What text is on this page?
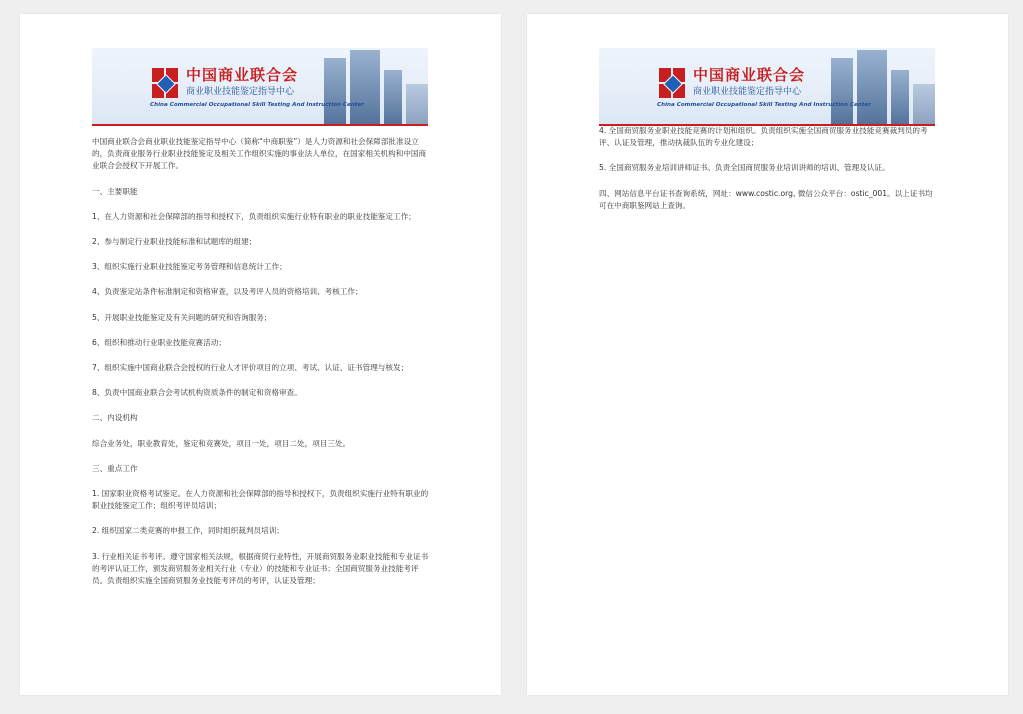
中国商业联合会
商业职业技能鉴定指导中心
China Commercial Occupational Skill Testing And Instruction Center

中国商业联合会商业职业技能鉴定指导中心（简称“中商职鉴”）是人力资源和社会保障部批准设立的，负责商业服务行业职业技能鉴定及相关工作组织实施的事业法人单位，在国家相关机构和中国商业联合会授权下开展工作。

一、主要职能

1、在人力资源和社会保障部的指导和授权下，负责组织实施行业特有职业的职业技能鉴定工作；

2、参与制定行业职业技能标准和试题库的组建；

3、组织实施行业职业技能鉴定考务管理和信息统计工作；

4、负责鉴定站条件标准制定和资格审查，以及考评人员的资格培训、考核工作；

5、开展职业技能鉴定及有关问题的研究和咨询服务；

6、组织和推动行业职业技能竞赛活动；

7、组织实施中国商业联合会授权的行业人才评价项目的立项、考试、认证、证书管理与核发；

8、负责中国商业联合会考试机构资质条件的制定和资格审查。

二、内设机构

综合业务处，职业教育处，鉴定和竞赛处，项目一处，项目二处，项目三处。

三、重点工作

1. 国家职业资格考试鉴定。在人力资源和社会保障部的指导和授权下，负责组织实施行业特有职业的职业技能鉴定工作；组织考评员培训；

2. 组织国家二类竞赛的申报工作，同时组织裁判员培训；

3. 行业相关证书考评。遵守国家相关法规，根据商贸行业特性，开展商贸服务业职业技能和专业证书的考评认证工作，颁发商贸服务业相关行业（专业）的技能和专业证书；全国商贸服务业技能考评员。负责组织实施全国商贸服务业技能考评员的考评，认证及管理；

中国商业联合会
商业职业技能鉴定指导中心
China Commercial Occupational Skill Testing And Instruction Center

4. 全国商贸服务业职业技能竞赛的计划和组织。负责组织实施全国商贸服务业技能竞赛裁判员的考评、认证及管理，推动执裁队伍的专业化建设；

5. 全国商贸服务业培训讲师证书。负责全国商贸服务业培训讲师的培训、管理及认证。

四、网站信息平台证书查询系统，网址：www.costic.org, 微信公众平台：ostic_001。以上证书均可在中商职鉴网站上查询。
